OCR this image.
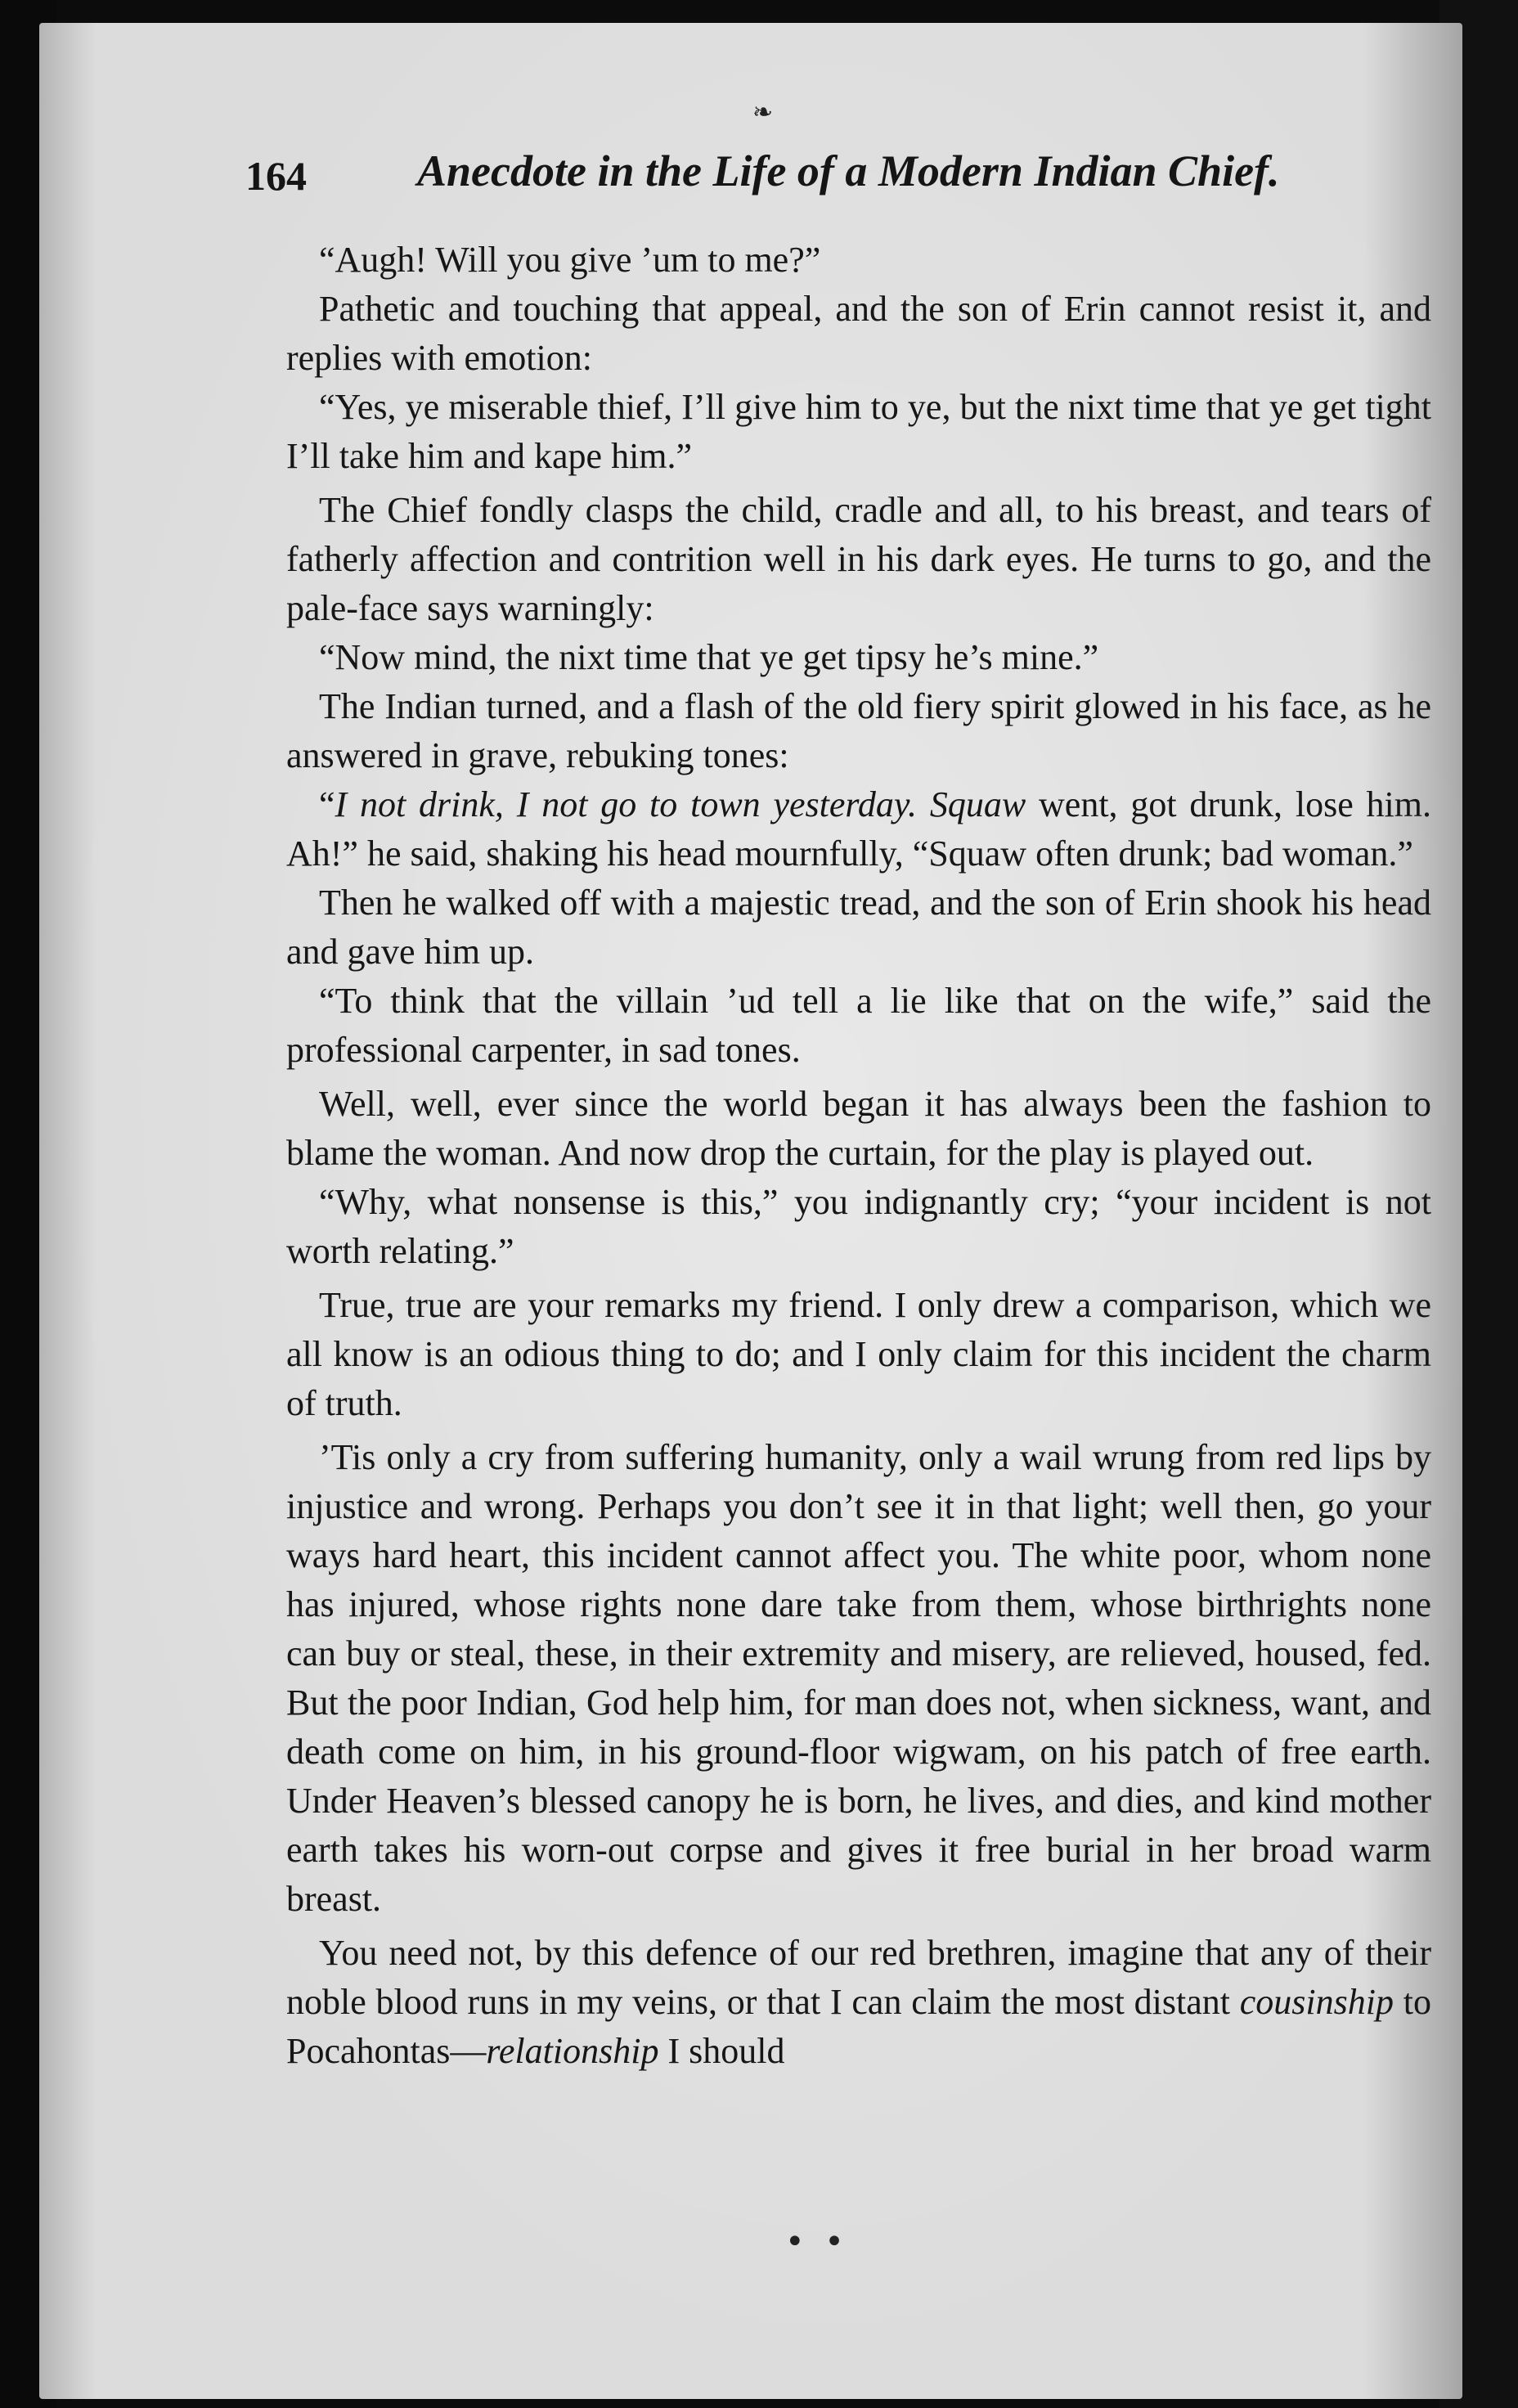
❧
164	Anecdote in the Life of a Modern Indian Chief.

“Augh! Will you give ’um to me?”

Pathetic and touching that appeal, and the son of Erin cannot resist it, and replies with emotion:

“Yes, ye miserable thief, I’ll give him to ye, but the nixt time that ye get tight I’ll take him and kape him.”

The Chief fondly clasps the child, cradle and all, to his breast, and tears of fatherly affection and contrition well in his dark eyes. He turns to go, and the pale-face says warningly:

“Now mind, the nixt time that ye get tipsy he’s mine.”

The Indian turned, and a flash of the old fiery spirit glowed in his face, as he answered in grave, rebuking tones:

“I not drink, I not go to town yesterday. Squaw went, got drunk, lose him. Ah!” he said, shaking his head mournfully, “Squaw often drunk; bad woman.”

Then he walked off with a majestic tread, and the son of Erin shook his head and gave him up.

“To think that the villain ’ud tell a lie like that on the wife,” said the professional carpenter, in sad tones.

Well, well, ever since the world began it has always been the fashion to blame the woman. And now drop the curtain, for the play is played out.

“Why, what nonsense is this,” you indignantly cry; “your incident is not worth relating.”

True, true are your remarks my friend. I only drew a comparison, which we all know is an odious thing to do; and I only claim for this incident the charm of truth.

’Tis only a cry from suffering humanity, only a wail wrung from red lips by injustice and wrong. Perhaps you don’t see it in that light; well then, go your ways hard heart, this incident cannot affect you. The white poor, whom none has injured, whose rights none dare take from them, whose birthrights none can buy or steal, these, in their extremity and misery, are relieved, housed, fed. But the poor Indian, God help him, for man does not, when sickness, want, and death come on him, in his ground-floor wigwam, on his patch of free earth. Under Heaven’s blessed canopy he is born, he lives, and dies, and kind mother earth takes his worn-out corpse and gives it free burial in her broad warm breast.

You need not, by this defence of our red brethren, imagine that any of their noble blood runs in my veins, or that I can claim the most distant cousinship to Pocahontas—relationship I should

• •
